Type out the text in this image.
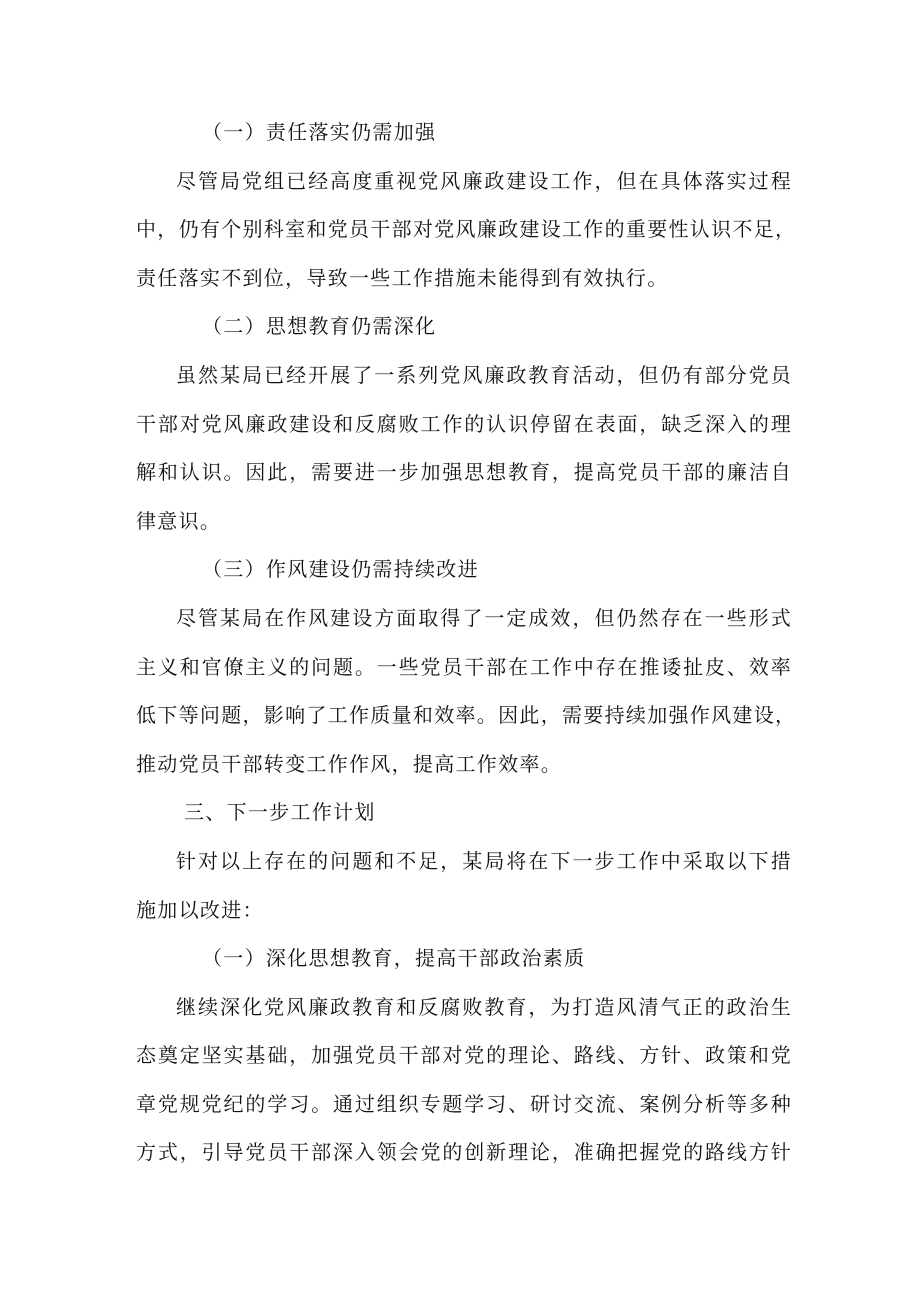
（一）责任落实仍需加强
尽管局党组已经高度重视党风廉政建设工作，但在具体落实过程
中，仍有个别科室和党员干部对党风廉政建设工作的重要性认识不足，
责任落实不到位，导致一些工作措施未能得到有效执行。
（二）思想教育仍需深化
虽然某局已经开展了一系列党风廉政教育活动，但仍有部分党员
干部对党风廉政建设和反腐败工作的认识停留在表面，缺乏深入的理
解和认识。因此，需要进一步加强思想教育，提高党员干部的廉洁自
律意识。
（三）作风建设仍需持续改进
尽管某局在作风建设方面取得了一定成效，但仍然存在一些形式
主义和官僚主义的问题。一些党员干部在工作中存在推诿扯皮、效率
低下等问题，影响了工作质量和效率。因此，需要持续加强作风建设，
推动党员干部转变工作作风，提高工作效率。
三、下一步工作计划
针对以上存在的问题和不足，某局将在下一步工作中采取以下措
施加以改进：
（一）深化思想教育，提高干部政治素质
继续深化党风廉政教育和反腐败教育，为打造风清气正的政治生
态奠定坚实基础，加强党员干部对党的理论、路线、方针、政策和党
章党规党纪的学习。通过组织专题学习、研讨交流、案例分析等多种
方式，引导党员干部深入领会党的创新理论，准确把握党的路线方针
